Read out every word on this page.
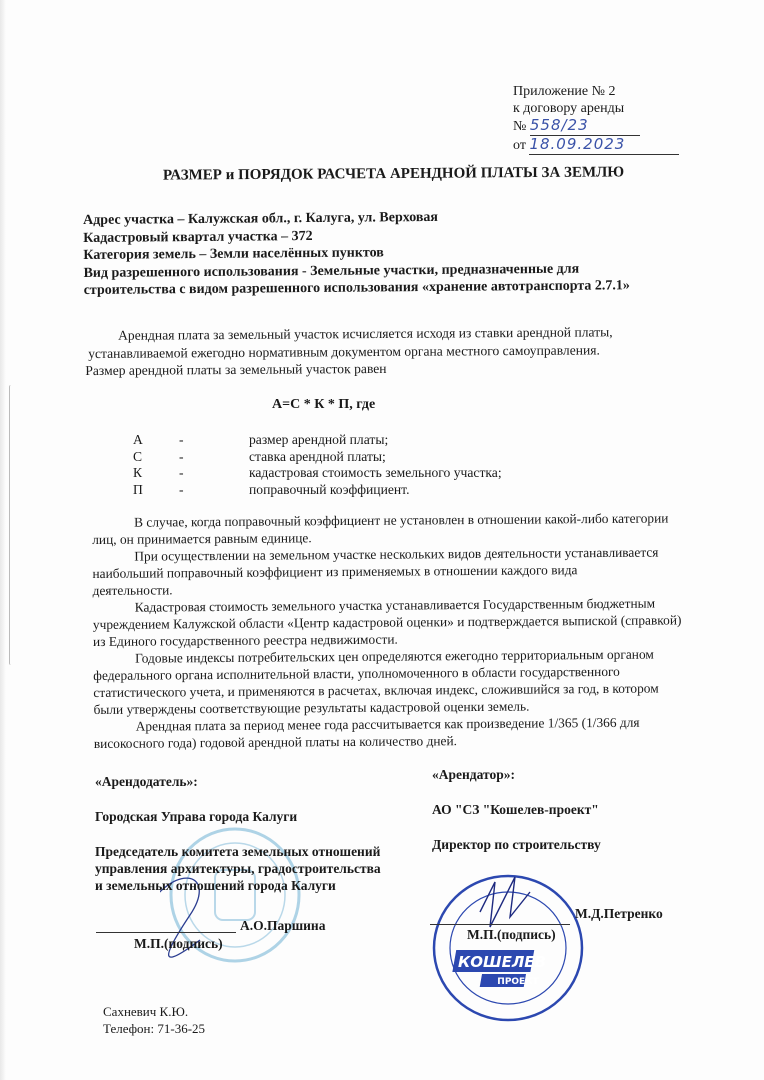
Приложение № 2
к договору аренды
№ 558/23
от 18.09.2023
РАЗМЕР и ПОРЯДОК РАСЧЕТА АРЕНДНОЙ ПЛАТЫ ЗА ЗЕМЛЮ
Адрес участка – Калужская обл., г. Калуга, ул. Верховая
Кадастровый квартал участка – 372
Категория земель – Земли населённых пунктов
Вид разрешенного использования - Земельные участки, предназначенные для
строительства с видом разрешенного использования «хранение автотранспорта 2.7.1»
Арендная плата за земельный участок исчисляется исходя из ставки арендной платы,
устанавливаемой ежегодно нормативным документом органа местного самоуправления.
Размер арендной платы за земельный участок равен
А=С * К * П, где
А	-	размер арендной платы;
С	-	ставка арендной платы;
К	-	кадастровая стоимость земельного участка;
П	-	поправочный коэффициент.
В случае, когда поправочный коэффициент не установлен в отношении какой-либо категории
лиц, он принимается равным единице.
При осуществлении на земельном участке нескольких видов деятельности устанавливается
наибольший поправочный коэффициент из применяемых в отношении каждого вида
деятельности.
Кадастровая стоимость земельного участка устанавливается Государственным бюджетным
учреждением Калужской области «Центр кадастровой оценки» и подтверждается выпиской (справкой)
из Единого государственного реестра недвижимости.
Годовые индексы потребительских цен определяются ежегодно территориальным органом
федерального органа исполнительной власти, уполномоченного в области государственного
статистического учета, и применяются в расчетах, включая индекс, сложившийся за год, в котором
были утверждены соответствующие результаты кадастровой оценки земель.
Арендная плата за период менее года рассчитывается как произведение 1/365 (1/366 для
високосного года) годовой арендной платы на количество дней.
КОШЕЛЕВ
ПРОЕКТ
«Арендодатель»:
Городская Управа города Калуги
Председатель комитета земельных отношений
управления архитектуры, градостроительства
и земельных отношений города Калуги
А.О.Паршина
М.П.(подпись)
«Арендатор»:
АО "СЗ "Кошелев-проект"
Директор по строительству
М.Д.Петренко
М.П.(подпись)
Сахневич К.Ю.
Телефон: 71-36-25
